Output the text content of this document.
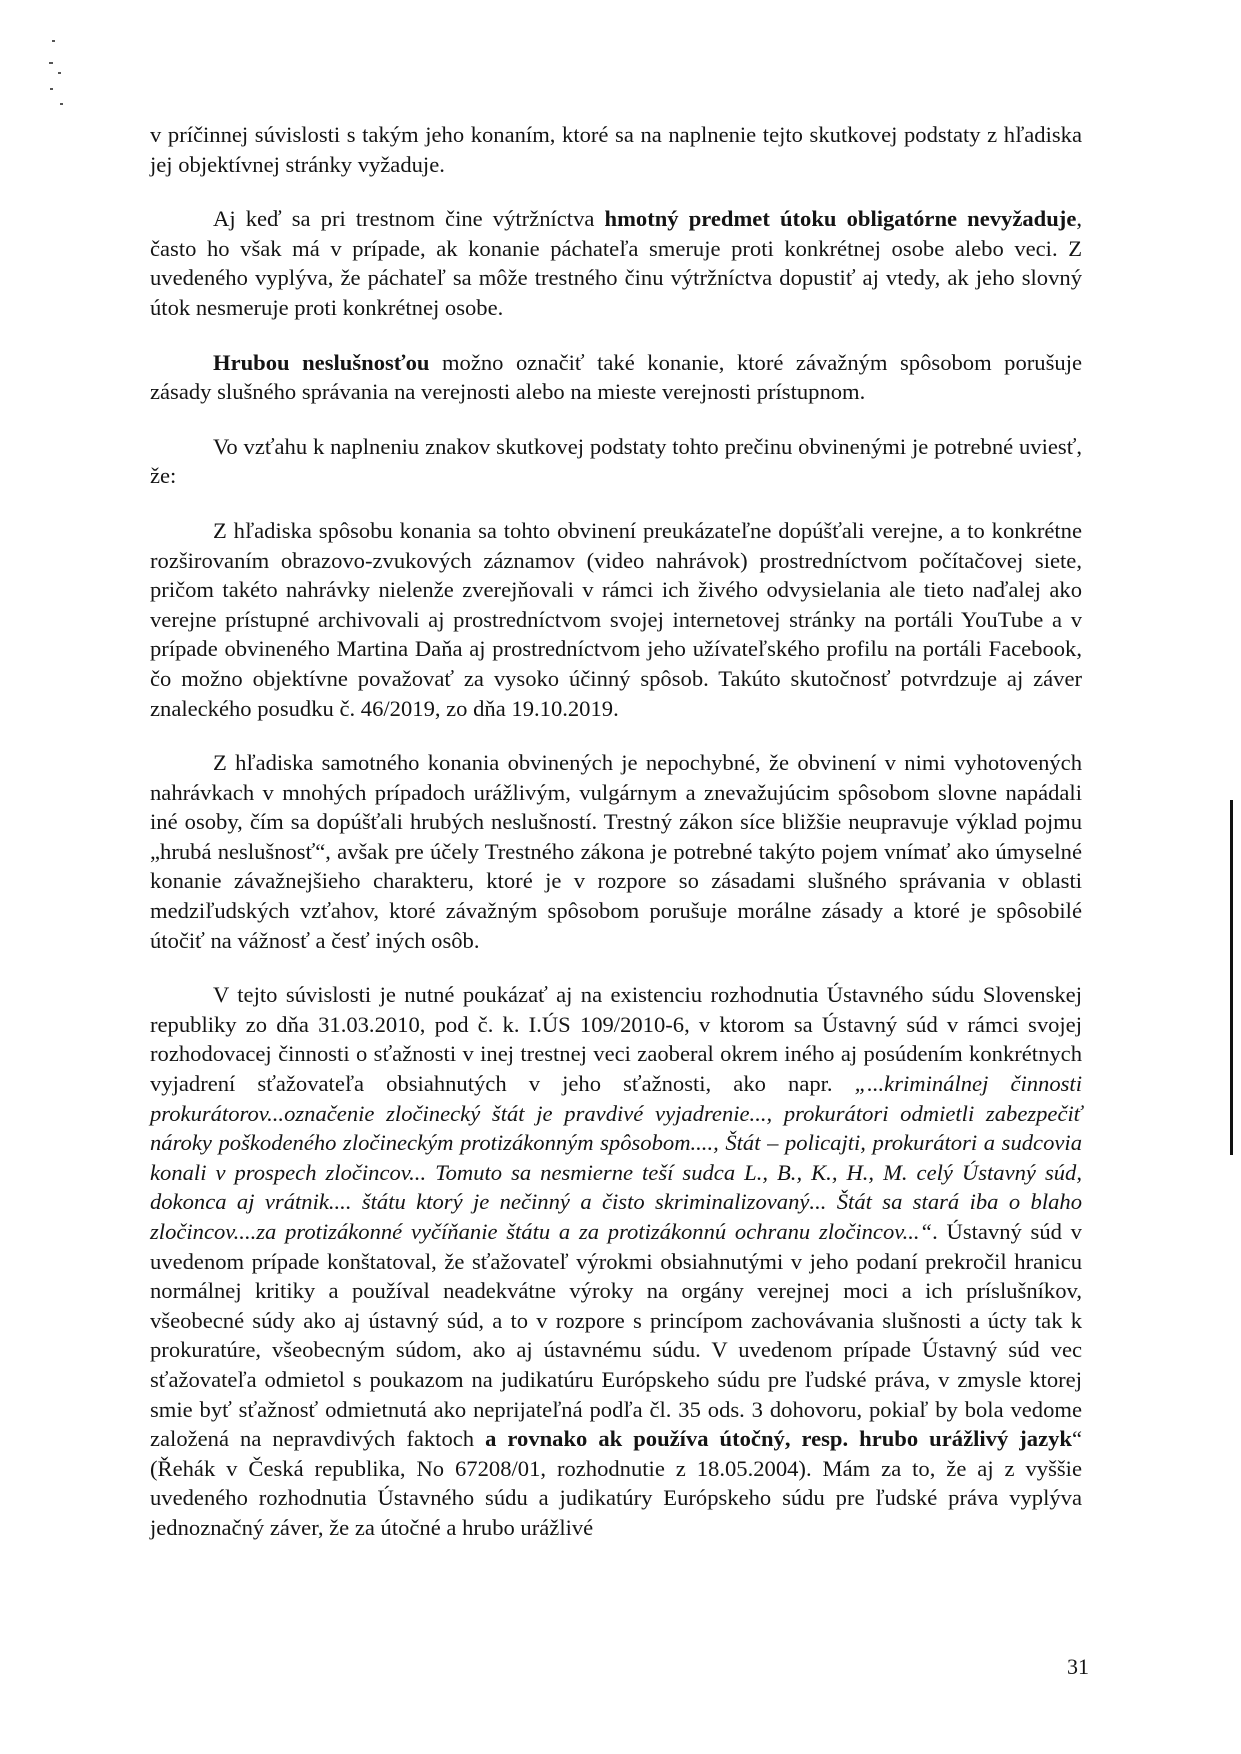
v príčinnej súvislosti s takým jeho konaním, ktoré sa na naplnenie tejto skutkovej podstaty z hľadiska jej objektívnej stránky vyžaduje.

Aj keď sa pri trestnom čine výtržníctva hmotný predmet útoku obligatórne nevyžaduje, často ho však má v prípade, ak konanie páchateľa smeruje proti konkrétnej osobe alebo veci. Z uvedeného vyplýva, že páchateľ sa môže trestného činu výtržníctva dopustiť aj vtedy, ak jeho slovný útok nesmeruje proti konkrétnej osobe.

Hrubou neslušnosťou možno označiť také konanie, ktoré závažným spôsobom porušuje zásady slušného správania na verejnosti alebo na mieste verejnosti prístupnom.

Vo vzťahu k naplneniu znakov skutkovej podstaty tohto prečinu obvinenými je potrebné uviesť, že:

Z hľadiska spôsobu konania sa tohto obvinení preukázateľne dopúšťali verejne, a to konkrétne rozširovaním obrazovo-zvukových záznamov (video nahrávok) prostredníctvom počítačovej siete, pričom takéto nahrávky nielenže zverejňovali v rámci ich živého odvysielania ale tieto naďalej ako verejne prístupné archivovali aj prostredníctvom svojej internetovej stránky na portáli YouTube a v prípade obvineného Martina Daňa aj prostredníctvom jeho užívateľského profilu na portáli Facebook, čo možno objektívne považovať za vysoko účinný spôsob. Takúto skutočnosť potvrdzuje aj záver znaleckého posudku č. 46/2019, zo dňa 19.10.2019.

Z hľadiska samotného konania obvinených je nepochybné, že obvinení v nimi vyhotovených nahrávkach v mnohých prípadoch urážlivým, vulgárnym a znevažujúcim spôsobom slovne napádali iné osoby, čím sa dopúšťali hrubých neslušností. Trestný zákon síce bližšie neupravuje výklad pojmu „hrubá neslušnosť“, avšak pre účely Trestného zákona je potrebné takýto pojem vnímať ako úmyselné konanie závažnejšieho charakteru, ktoré je v rozpore so zásadami slušného správania v oblasti medziľudských vzťahov, ktoré závažným spôsobom porušuje morálne zásady a ktoré je spôsobilé útočiť na vážnosť a česť iných osôb.

V tejto súvislosti je nutné poukázať aj na existenciu rozhodnutia Ústavného súdu Slovenskej republiky zo dňa 31.03.2010, pod č. k. I.ÚS 109/2010-6, v ktorom sa Ústavný súd v rámci svojej rozhodovacej činnosti o sťažnosti v inej trestnej veci zaoberal okrem iného aj posúdením konkrétnych vyjadrení sťažovateľa obsiahnutých v jeho sťažnosti, ako napr. „...kriminálnej činnosti prokurátorov...označenie zločinecký štát je pravdivé vyjadrenie..., prokurátori odmietli zabezpečiť nároky poškodeného zločineckým protizákonným spôsobom...., Štát – policajti, prokurátori a sudcovia konali v prospech zločincov... Tomuto sa nesmierne teší sudca L., B., K., H., M. celý Ústavný súd, dokonca aj vrátnik.... štátu ktorý je nečinný a čisto skriminalizovaný... Štát sa stará iba o blaho zločincov....za protizákonné vyčíňanie štátu a za protizákonnú ochranu zločincov...“. Ústavný súd v uvedenom prípade konštatoval, že sťažovateľ výrokmi obsiahnutými v jeho podaní prekročil hranicu normálnej kritiky a používal neadekvátne výroky na orgány verejnej moci a ich príslušníkov, všeobecné súdy ako aj ústavný súd, a to v rozpore s princípom zachovávania slušnosti a úcty tak k prokuratúre, všeobecným súdom, ako aj ústavnému súdu. V uvedenom prípade Ústavný súd vec sťažovateľa odmietol s poukazom na judikatúru Európskeho súdu pre ľudské práva, v zmysle ktorej smie byť sťažnosť odmietnutá ako neprijateľná podľa čl. 35 ods. 3 dohovoru, pokiaľ by bola vedome založená na nepravdivých faktoch a rovnako ak používa útočný, resp. hrubo urážlivý jazyk“ (Řehák v Česká republika, No 67208/01, rozhodnutie z 18.05.2004). Mám za to, že aj z vyššie uvedeného rozhodnutia Ústavného súdu a judikatúry Európskeho súdu pre ľudské práva vyplýva jednoznačný záver, že za útočné a hrubo urážlivé

31
